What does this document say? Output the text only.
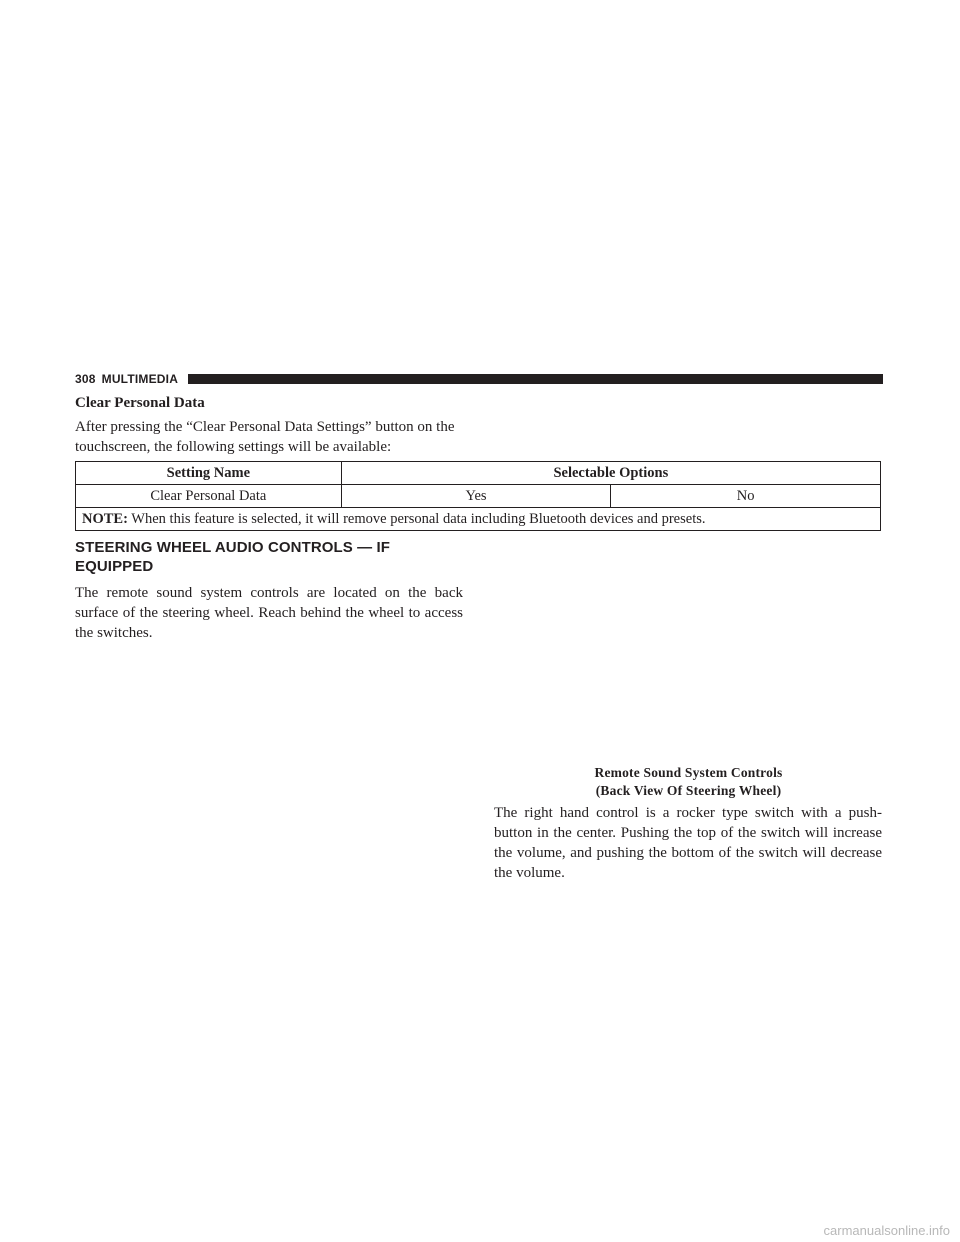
308 MULTIMEDIA
Clear Personal Data

After pressing the “Clear Personal Data Settings” button on the touchscreen, the following settings will be available:

Setting Name	Selectable Options	
Clear Personal Data	Yes	No
NOTE: When this feature is selected, it will remove personal data including Bluetooth devices and presets.		
STEERING WHEEL AUDIO CONTROLS — IF
EQUIPPED

The remote sound system controls are located on the back surface of the steering wheel. Reach behind the wheel to access the switches.

Remote Sound System Controls
(Back View Of Steering Wheel)

The right hand control is a rocker type switch with a push-button in the center. Pushing the top of the switch will increase the volume, and pushing the bottom of the switch will decrease the volume.

carmanualsonline.info
